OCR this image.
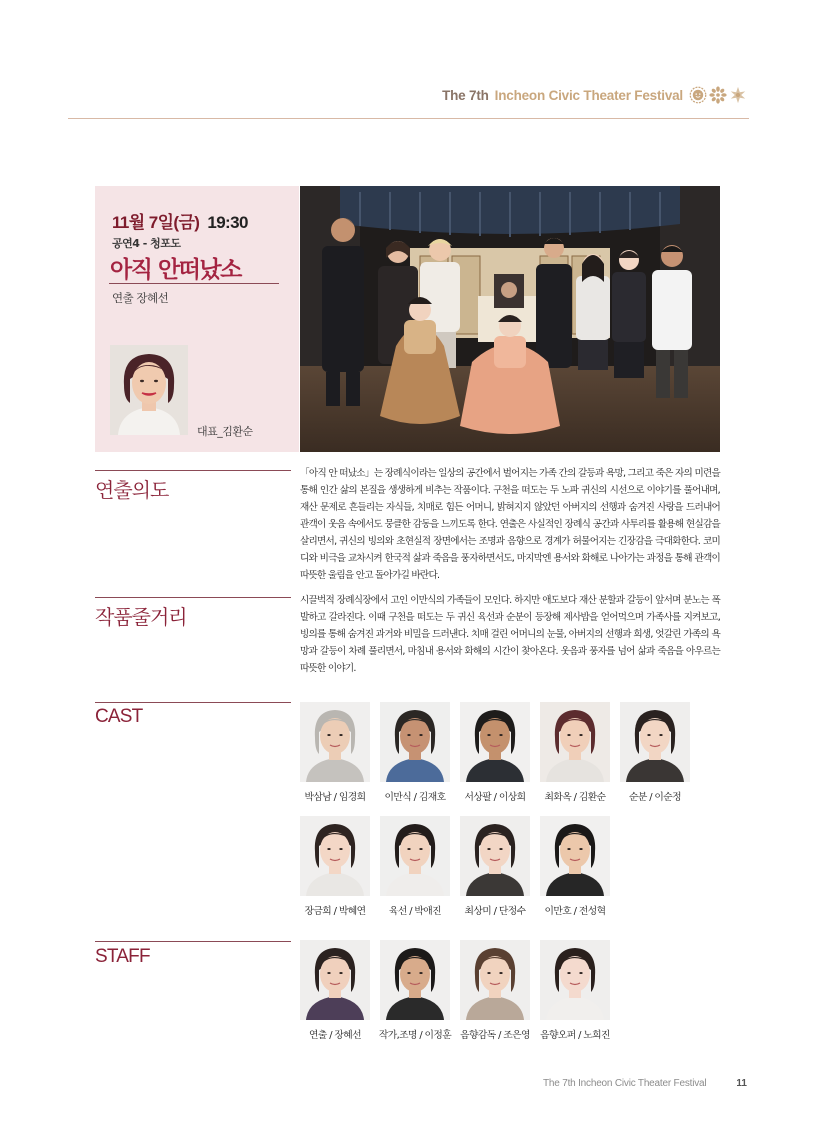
The 7th Incheon Civic Theater Festival
11월 7일(금) 19:30
공연4 - 청포도
아직 안떠났소
연출 장혜선
대표_김환순
연출의도

「아직 안 떠났소」는 장례식이라는 일상의 공간에서 벌어지는 가족 간의 갈등과 욕망, 그리고 죽은 자의 미련을 통해 인간 삶의 본질을 생생하게 비추는 작품이다. 구천을 떠도는 두 노파 귀신의 시선으로 이야기를 풀어내며, 재산 문제로 흔들리는 자식들, 치매로 힘든 어머니, 밝혀지지 않았던 아버지의 선행과 숨겨진 사랑을 드러내어 관객이 웃음 속에서도 뭉클한 감동을 느끼도록 한다. 연출은 사실적인 장례식 공간과 사투리를 활용해 현실감을 살리면서, 귀신의 빙의와 초현실적 장면에서는 조명과 음향으로 경계가 허물어지는 긴장감을 극대화한다. 코미디와 비극을 교차시켜 한국적 삶과 죽음을 풍자하면서도, 마지막엔 용서와 화해로 나아가는 과정을 통해 관객이 따뜻한 울림을 안고 돌아가길 바란다.

작품줄거리

시끌벅적 장례식장에서 고인 이만식의 가족들이 모인다. 하지만 애도보다 재산 분할과 갈등이 앞서며 분노는 폭발하고 갈라진다. 이때 구천을 떠도는 두 귀신 육선과 순분이 등장해 제사밥을 얻어먹으며 가족사를 지켜보고, 빙의를 통해 숨겨진 과거와 비밀을 드러낸다. 치매 걸린 어머니의 눈물, 아버지의 선행과 희생, 엇갈린 가족의 욕망과 갈등이 차례 풀리면서, 마침내 용서와 화해의 시간이 찾아온다. 웃음과 풍자를 넘어 삶과 죽음을 아우르는 따뜻한 이야기.

CAST
박삼남 / 임경희 이만식 / 김재호 서상팔 / 이상희 최화옥 / 김환순 순분 / 이순정
장금희 / 박혜연 육선 / 박애진 최상미 / 단정수 이만호 / 전성혁
STAFF
연출 / 장혜선 작가,조명 / 이정훈 음향감독 / 조은영 음향오퍼 / 노희진
The 7th Incheon Civic Theater Festival	11
